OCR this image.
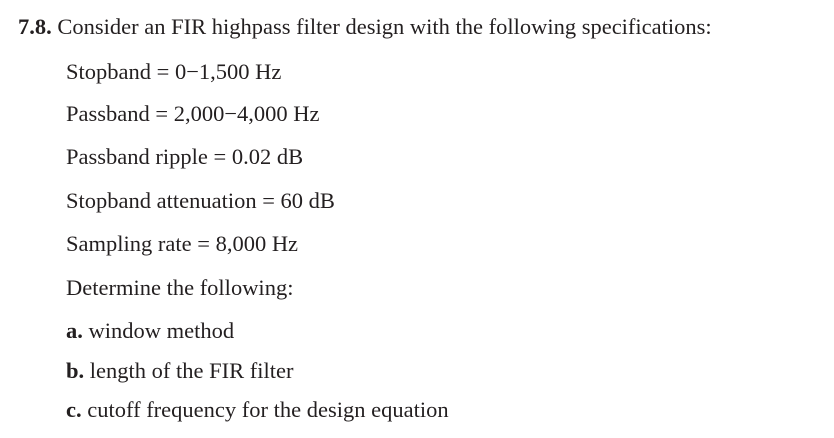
7.8. Consider an FIR highpass filter design with the following specifications:
Stopband = 0−1,500 Hz
Passband = 2,000−4,000 Hz
Passband ripple = 0.02 dB
Stopband attenuation = 60 dB
Sampling rate = 8,000 Hz
Determine the following:
a. window method
b. length of the FIR filter
c. cutoff frequency for the design equation
